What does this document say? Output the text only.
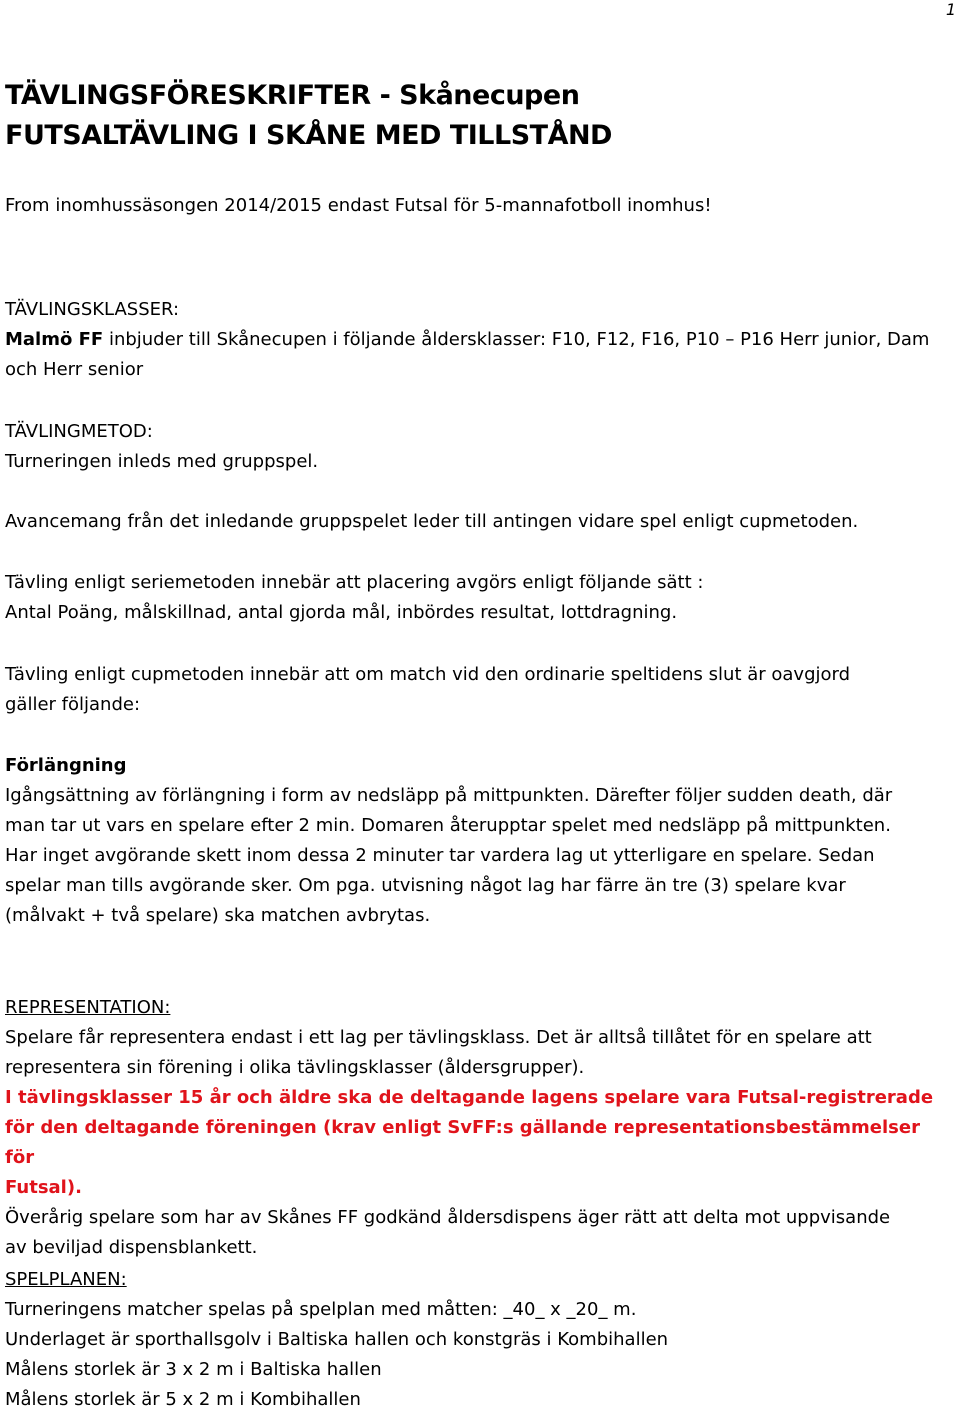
1
TÄVLINGSFÖRESKRIFTER - Skånecupen
FUTSALTÄVLING I SKÅNE MED TILLSTÅND

From inomhussäsongen 2014/2015 endast Futsal för 5-mannafotboll inomhus!

TÄVLINGSKLASSER:

Malmö FF inbjuder till Skånecupen i följande åldersklasser: F10, F12, F16, P10 – P16 Herr junior, Dam

och Herr senior

TÄVLINGMETOD:

Turneringen inleds med gruppspel.

Avancemang från det inledande gruppspelet leder till antingen vidare spel enligt cupmetoden.

Tävling enligt seriemetoden innebär att placering avgörs enligt följande sätt :

Antal Poäng, målskillnad, antal gjorda mål, inbördes resultat, lottdragning.

Tävling enligt cupmetoden innebär att om match vid den ordinarie speltidens slut är oavgjord

gäller följande:

Förlängning

Igångsättning av förlängning i form av nedsläpp på mittpunkten. Därefter följer sudden death, där

man tar ut vars en spelare efter 2 min. Domaren återupptar spelet med nedsläpp på mittpunkten.

Har inget avgörande skett inom dessa 2 minuter tar vardera lag ut ytterligare en spelare. Sedan

spelar man tills avgörande sker. Om pga. utvisning något lag har färre än tre (3) spelare kvar

(målvakt + två spelare) ska matchen avbrytas.

REPRESENTATION:

Spelare får representera endast i ett lag per tävlingsklass. Det är alltså tillåtet för en spelare att

representera sin förening i olika tävlingsklasser (åldersgrupper).

I tävlingsklasser 15 år och äldre ska de deltagande lagens spelare vara Futsal-registrerade

för den deltagande föreningen (krav enligt SvFF:s gällande representationsbestämmelser för

Futsal).

Överårig spelare som har av Skånes FF godkänd åldersdispens äger rätt att delta mot uppvisande

av beviljad dispensblankett.

SPELPLANEN:

Turneringens matcher spelas på spelplan med måtten: _40_ x _20_ m.

Underlaget är sporthallsgolv i Baltiska hallen och konstgräs i Kombihallen

Målens storlek är 3 x 2 m i Baltiska hallen

Målens storlek är 5 x 2 m i Kombihallen
